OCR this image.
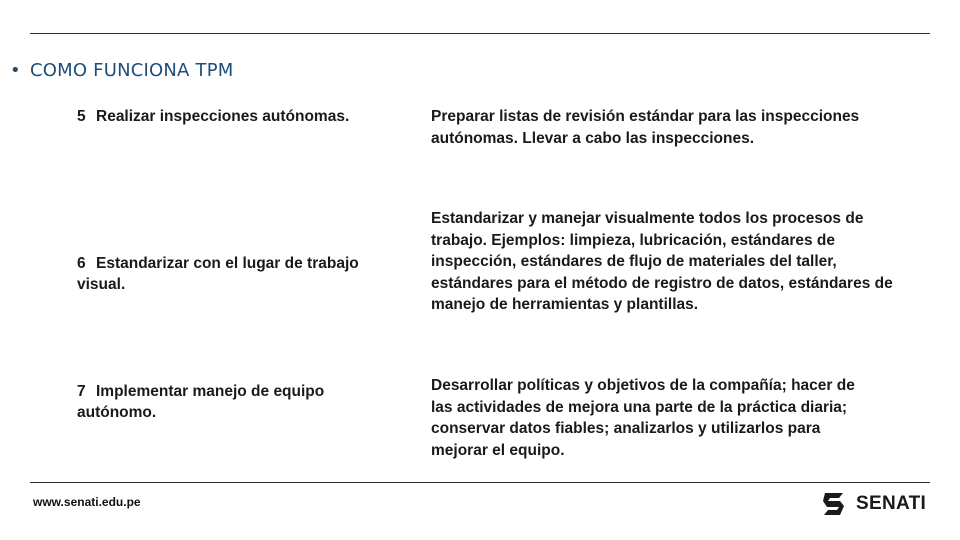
• COMO FUNCIONA TPM
5 Realizar inspecciones autónomas.	Preparar listas de revisión estándar para las inspecciones
autónomas. Llevar a cabo las inspecciones.
6 Estandarizar con el lugar de trabajo
visual.
Estandarizar y manejar visualmente todos los procesos de
trabajo. Ejemplos: limpieza, lubricación, estándares de
inspección, estándares de flujo de materiales del taller,
estándares para el método de registro de datos, estándares de
manejo de herramientas y plantillas.
7 Implementar manejo de equipo
autónomo.
Desarrollar políticas y objetivos de la compañía; hacer de
las actividades de mejora una parte de la práctica diaria;
conservar datos fiables; analizarlos y utilizarlos para
mejorar el equipo.
www.senati.edu.pe	SENATI
